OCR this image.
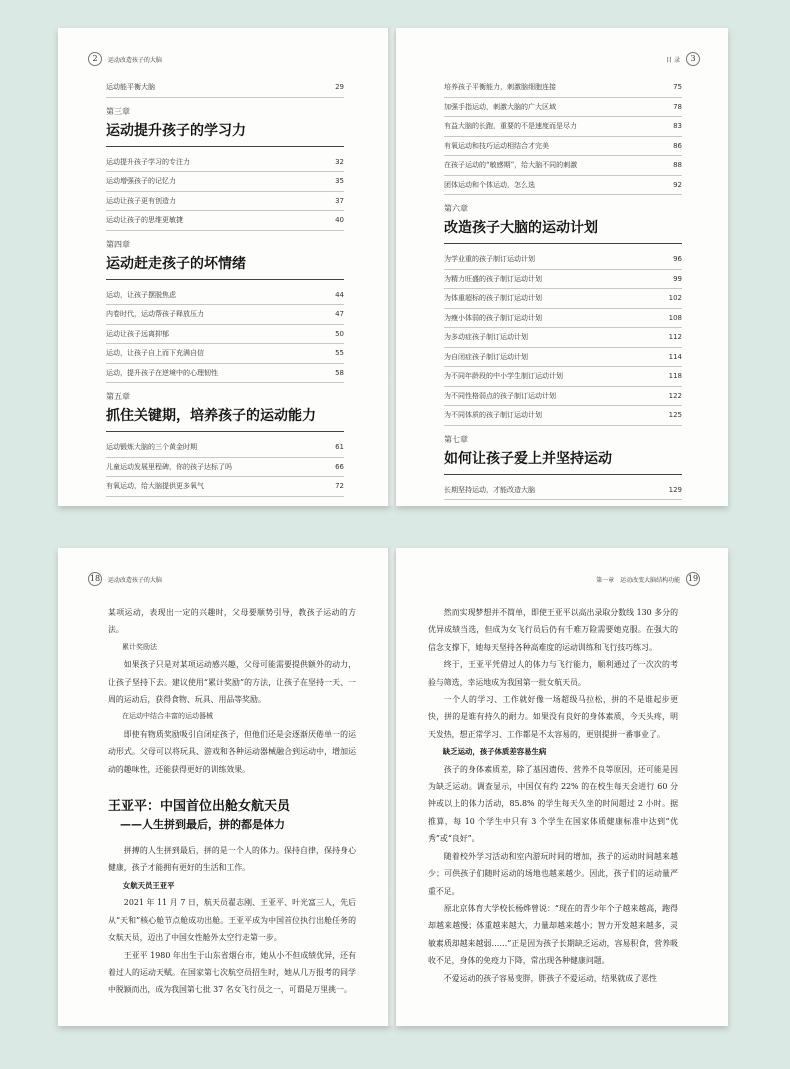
2 运动改造孩子的大脑
运动能平衡大脑	29
第三章
运动提升孩子的学习力
运动提升孩子学习的专注力	32
运动增强孩子的记忆力	35
运动让孩子更有创造力	37
运动让孩子的思维更敏捷	40
第四章
运动赶走孩子的坏情绪
运动，让孩子摆脱焦虑	44
内卷时代，运动帮孩子释放压力	47
运动让孩子远离抑郁	50
运动，让孩子自上而下充满自信	55
运动，提升孩子在逆境中的心理韧性	58
第五章
抓住关键期，培养孩子的运动能力
运动锻炼大脑的三个黄金时期	61
儿童运动发展里程碑，你的孩子达标了吗	66
有氧运动，给大脑提供更多氧气	72
目 录 3
培养孩子平衡能力，刺激脑细胞连接	75
加强手指运动，刺激大脑的广大区域	78
有益大脑的长跑，重要的不是速度而是尽力	83
有氧运动和技巧运动相结合才完美	86
在孩子运动的“敏感期”，给大脑不同的刺激	88
团体运动和个体运动，怎么选	92
第六章
改造孩子大脑的运动计划
为学业重的孩子制订运动计划	96
为精力旺盛的孩子制订运动计划	99
为体重超标的孩子制订运动计划	102
为瘦小体弱的孩子制订运动计划	108
为多动症孩子制订运动计划	112
为自闭症孩子制订运动计划	114
为不同年龄段的中小学生制订运动计划	118
为不同性格弱点的孩子制订运动计划	122
为不同体质的孩子制订运动计划	125
第七章
如何让孩子爱上并坚持运动
长期坚持运动，才能改造大脑	129
18 运动改造孩子的大脑

某项运动，表现出一定的兴趣时，父母要顺势引导，教孩子运动的方法。

累计奖励法

如果孩子只是对某项运动感兴趣，父母可能需要提供额外的动力，让孩子坚持下去。建议使用“累计奖励”的方法，让孩子在坚持一天、一周的运动后，获得食物、玩具、用品等奖励。

在运动中结合丰富的运动器械

即使有物质奖励吸引自闭症孩子，但他们还是会逐渐厌倦单一的运动形式。父母可以将玩具、游戏和各种运动器械融合到运动中，增加运动的趣味性，还能获得更好的训练效果。

王亚平：中国首位出舱女航天员
——人生拼到最后，拼的都是体力

拼搏的人生拼到最后，拼的是一个人的体力。保持自律，保持身心健康，孩子才能拥有更好的生活和工作。

女航天员王亚平

2021 年 11 月 7 日，航天员翟志刚、王亚平、叶光富三人，先后从“天和”核心舱节点舱成功出舱。王亚平成为中国首位执行出舱任务的女航天员，迈出了中国女性舱外太空行走第一步。

王亚平 1980 年出生于山东省烟台市，她从小不但成绩优异，还有着过人的运动天赋。在国家第七次航空员招生时，她从几万报考的同学中脱颖而出，成为我国第七批 37 名女飞行员之一，可谓是万里挑一。

第一章　运动改变大脑结构功能 19

然而实现梦想并不简单，即使王亚平以高出录取分数线 130 多分的优异成绩当选，但成为女飞行员后仍有千难万险需要她克服。在强大的信念支撑下，她每天坚持各种高难度的运动训练和飞行技巧练习。

终于，王亚平凭借过人的体力与飞行能力，顺利通过了一次次的考验与筛选，幸运地成为我国第一批女航天员。

一个人的学习、工作就好像一场超级马拉松，拼的不是谁起步更快，拼的是谁有持久的耐力。如果没有良好的身体素质，今天头疼，明天发热，想正常学习、工作都是不太容易的，更别提拼一番事业了。

缺乏运动，孩子体质差容易生病

孩子的身体素质差，除了基因遗传、营养不良等原因，还可能是因为缺乏运动。调查显示，中国仅有约 22% 的在校生每天会进行 60 分钟或以上的体力活动，85.8% 的学生每天久坐的时间超过 2 小时。据推算，每 10 个学生中只有 3 个学生在国家体质健康标准中达到“优秀”或“良好”。

随着校外学习活动和室内游玩时间的增加，孩子的运动时间越来越少；可供孩子们随时运动的场地也越来越少。因此，孩子们的运动量严重不足。

原北京体育大学校长杨烨曾说：“现在的青少年个子越来越高，跑得却越来越慢；体重越来越大，力量却越来越小；智力开发越来越多，灵敏素质却越来越弱……”正是因为孩子长期缺乏运动，容易积食，营养吸收不足，身体的免疫力下降，常出现各种健康问题。

不爱运动的孩子容易变胖，胖孩子不爱运动，结果就成了恶性
